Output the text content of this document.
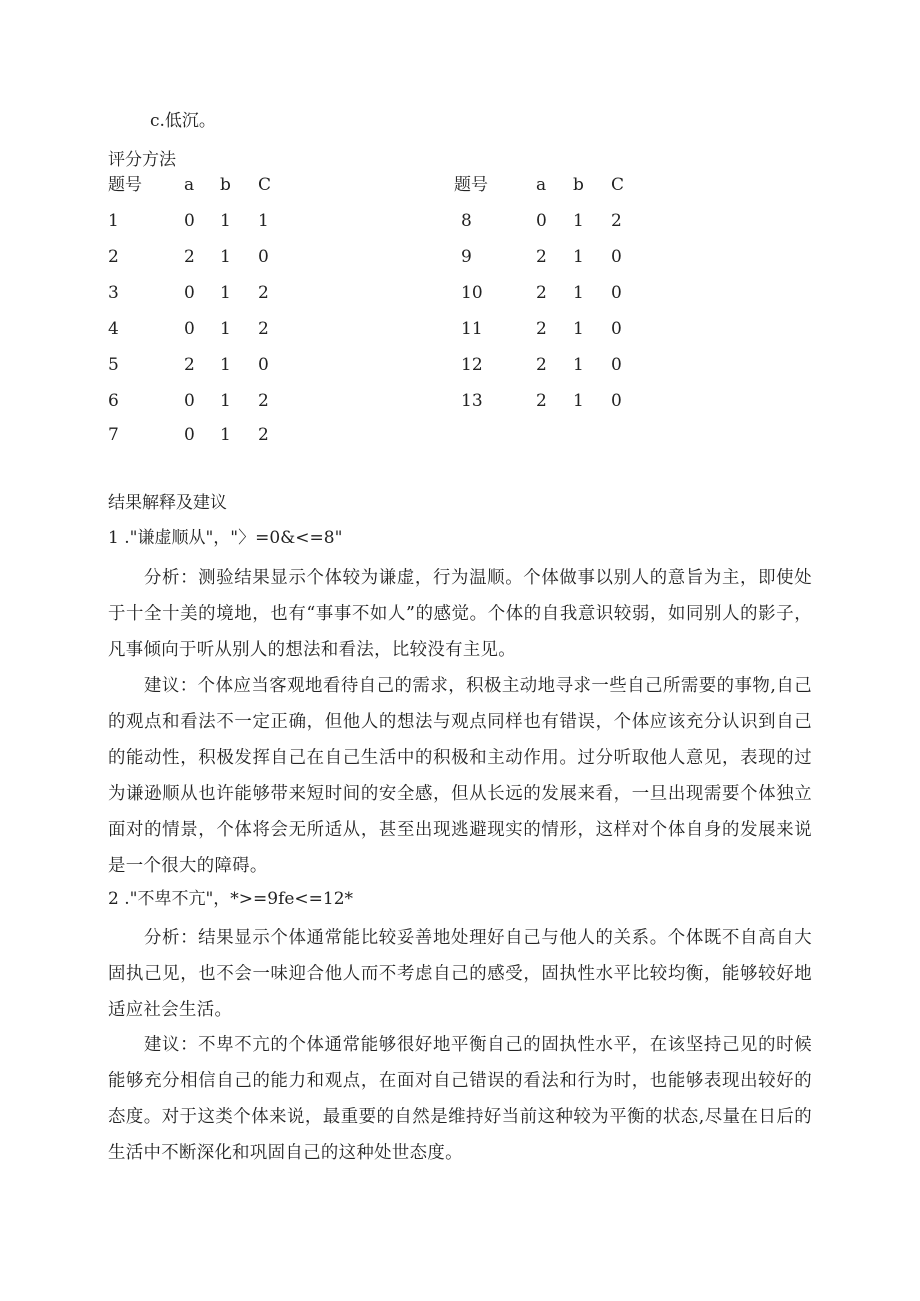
c.低沉。
评分方法
题号 a b C	题号	a b C
1	0 1 1
2	2 1 0
3	0 1 2
4	0 1 2
5	2 1 0
6	0 1 2
7	0 1 2
8	0 1 2
9	2 1 0
10	2 1 0
11	2 1 0
12	2 1 0
13	2 1 0
结果解释及建议
1 ."谦虚顺从"，"〉=0&<=8"
分析：测验结果显示个体较为谦虚，行为温顺。个体做事以别人的意旨为主，即使处于十全十美的境地，也有“事事不如人”的感觉。个体的自我意识较弱，如同别人的影子，凡事倾向于听从别人的想法和看法，比较没有主见。
建议：个体应当客观地看待自己的需求，积极主动地寻求一些自己所需要的事物,自己的观点和看法不一定正确，但他人的想法与观点同样也有错误，个体应该充分认识到自己的能动性，积极发挥自己在自己生活中的积极和主动作用。过分听取他人意见，表现的过为谦逊顺从也许能够带来短时间的安全感，但从长远的发展来看，一旦出现需要个体独立面对的情景，个体将会无所适从，甚至出现逃避现实的情形，这样对个体自身的发展来说是一个很大的障碍。
2 ."不卑不亢"，*>=9fe<=12*
分析：结果显示个体通常能比较妥善地处理好自己与他人的关系。个体既不自高自大固执己见，也不会一味迎合他人而不考虑自己的感受，固执性水平比较均衡，能够较好地适应社会生活。
建议：不卑不亢的个体通常能够很好地平衡自己的固执性水平，在该坚持己见的时候能够充分相信自己的能力和观点，在面对自己错误的看法和行为时，也能够表现出较好的态度。对于这类个体来说，最重要的自然是维持好当前这种较为平衡的状态,尽量在日后的生活中不断深化和巩固自己的这种处世态度。
